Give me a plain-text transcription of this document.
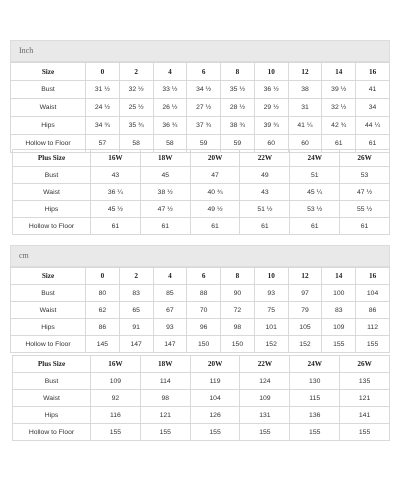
Inch
Size	0	2	4	6	8	10	12	14	16
Bust	31 ½	32 ½	33 ½	34 ½	35 ½	36 ½	38	39 ½	41
Waist	24 ½	25 ½	26 ½	27 ½	28 ½	29 ½	31	32 ½	34
Hips	34 ¾	35 ¾	36 ¾	37 ¾	38 ¾	39 ¾	41 ¼	42 ¾	44 ¼
Hollow to Floor	57	58	58	59	59	60	60	61	61
Plus Size	16W	18W	20W	22W	24W	26W
Bust	43	45	47	49	51	53
Waist	36 ¼	38 ½	40 ¾	43	45 ¼	47 ½
Hips	45 ½	47 ½	49 ½	51 ½	53 ½	55 ½
Hollow to Floor	61	61	61	61	61	61
cm
Size	0	2	4	6	8	10	12	14	16
Bust	80	83	85	88	90	93	97	100	104
Waist	62	65	67	70	72	75	79	83	86
Hips	86	91	93	96	98	101	105	109	112
Hollow to Floor	145	147	147	150	150	152	152	155	155
Plus Size	16W	18W	20W	22W	24W	26W
Bust	109	114	119	124	130	135
Waist	92	98	104	109	115	121
Hips	116	121	126	131	136	141
Hollow to Floor	155	155	155	155	155	155
